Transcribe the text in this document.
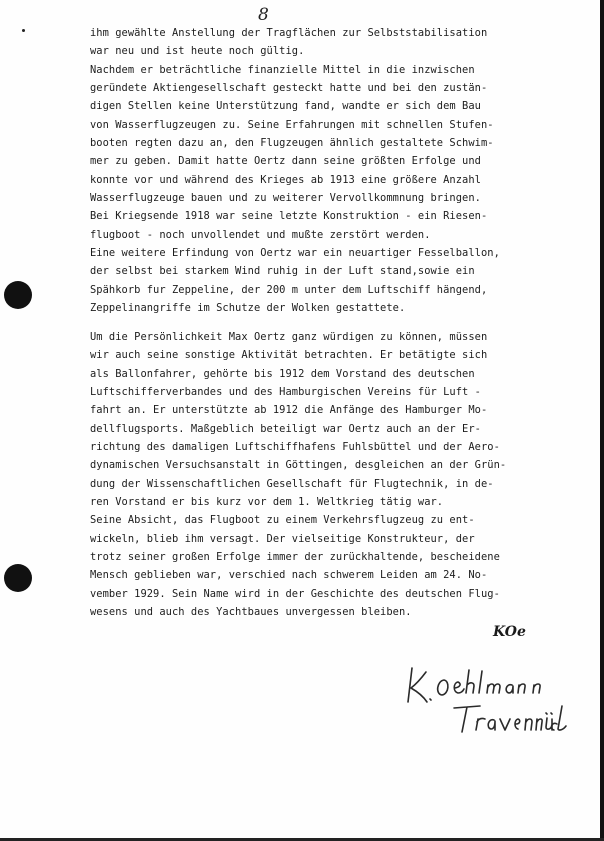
8

ihm gewählte Anstellung der Tragflächen zur Selbststabilisation
war neu und ist heute noch gültig.
Nachdem er beträchtliche finanzielle Mittel in die inzwischen
geründete Aktiengesellschaft gesteckt hatte und bei den zustän-
digen Stellen keine Unterstützung fand, wandte er sich dem Bau
von Wasserflugzeugen zu. Seine Erfahrungen mit schnellen Stufen-
booten regten dazu an, den Flugzeugen ähnlich gestaltete Schwim-
mer zu geben. Damit hatte Oertz dann seine größten Erfolge und
konnte vor und während des Krieges ab 1913 eine größere Anzahl
Wasserflugzeuge bauen und zu weiterer Vervollkommnung bringen.
Bei Kriegsende 1918 war seine letzte Konstruktion - ein Riesen-
flugboot - noch unvollendet und mußte zerstört werden.
Eine weitere Erfindung von Oertz war ein neuartiger Fesselballon,
der selbst bei starkem Wind ruhig in der Luft stand,sowie ein
Spähkorb fur Zeppeline, der 200 m unter dem Luftschiff hängend,
Zeppelinangriffe im Schutze der Wolken gestattete.

Um die Persönlichkeit Max Oertz ganz würdigen zu können, müssen
wir auch seine sonstige Aktivität betrachten. Er betätigte sich
als Ballonfahrer, gehörte bis 1912 dem Vorstand des deutschen
Luftschifferverbandes und des Hamburgischen Vereins für Luft -
fahrt an. Er unterstützte ab 1912 die Anfänge des Hamburger Mo-
dellflugsports. Maßgeblich beteiligt war Oertz auch an der Er-
richtung des damaligen Luftschiffhafens Fuhlsbüttel und der Aero-
dynamischen Versuchsanstalt in Göttingen, desgleichen an der Grün-
dung der Wissenschaftlichen Gesellschaft für Flugtechnik, in de-
ren Vorstand er bis kurz vor dem 1. Weltkrieg tätig war.
Seine Absicht, das Flugboot zu einem Verkehrsflugzeug zu ent-
wickeln, blieb ihm versagt. Der vielseitige Konstrukteur, der
trotz seiner großen Erfolge immer der zurückhaltende, bescheidene
Mensch geblieben war, verschied nach schwerem Leiden am 24. No-
vember 1929. Sein Name wird in der Geschichte des deutschen Flug-
wesens und auch des Yachtbaues unvergessen bleiben.

KOe
